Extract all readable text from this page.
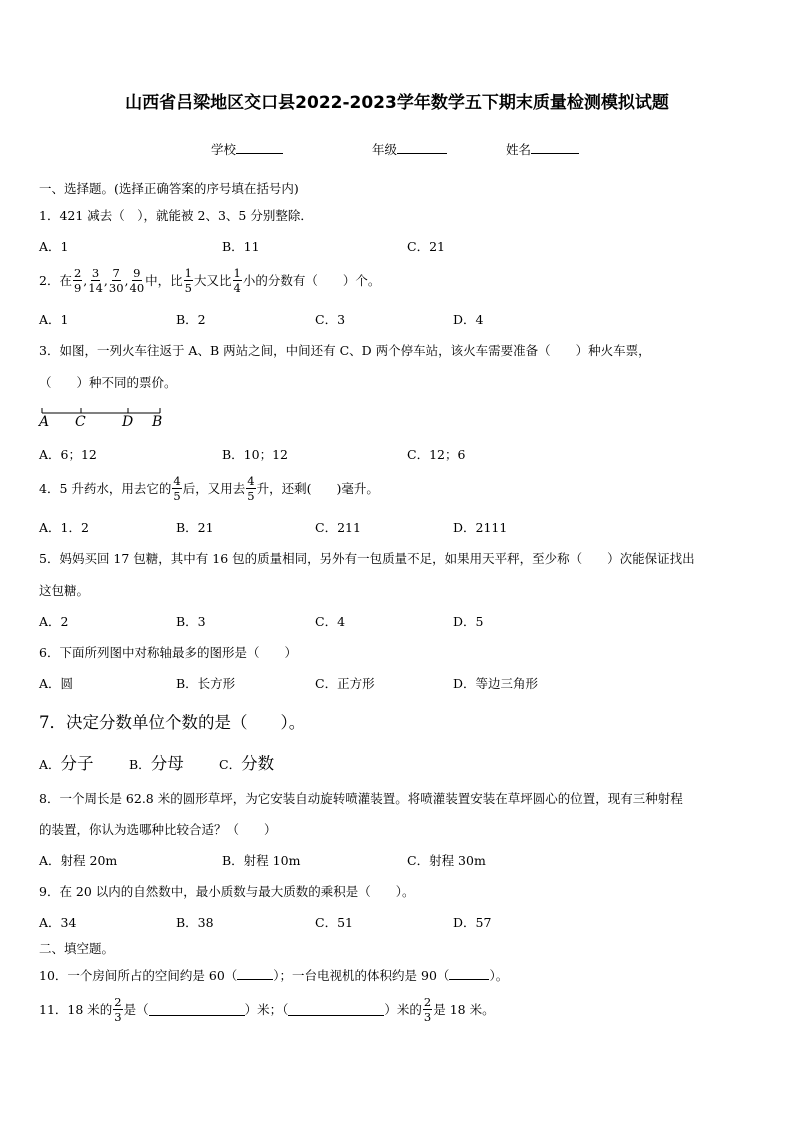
山西省吕梁地区交口县2022-2023学年数学五下期末质量检测模拟试题
学校	年级	姓名
一、选择题。(选择正确答案的序号填在括号内)
1．421 减去（　），就能被 2、3、5 分别整除．
A．1	B．11	C．21
2．在 $\frac{2}{9}$ , $\frac{3}{14}$ , $\frac{7}{30}$ , $\frac{9}{40}$ 中，比 $\frac{1}{5}$ 大又比 $\frac{1}{4}$ 小的分数有（　　）个。
A．1	B．2	C．3	D．4
3．如图，一列火车往返于 A、B 两站之间，中间还有 C、D 两个停车站，该火车需要准备（　　）种火车票，
（　　）种不同的票价。
A C	D B
A．6；12	B．10；12	C．12；6
4．5 升药水，用去它的 $\frac{4}{5}$ 后，又用去 $\frac{4}{5}$ 升，还剩(　　)毫升。
A．1．2	B．21	C．211	D．2111
5．妈妈买回 17 包糖，其中有 16 包的质量相同，另外有一包质量不足，如果用天平秤，至少称（　　）次能保证找出
这包糖。
A．2	B．3	C．4	D．5
6．下面所列图中对称轴最多的图形是（　　）
A．圆	B．长方形	C．正方形	D．等边三角形
7．决定分数单位个数的是（　　）。
A．分子	B．分母	C．分数
8．一个周长是 62.8 米的圆形草坪，为它安装自动旋转喷灌装置。将喷灌装置安装在草坪圆心的位置，现有三种射程
的装置，你认为选哪种比较合适？（　　）
A．射程 20m	B．射程 10m	C．射程 30m
9．在 20 以内的自然数中，最小质数与最大质数的乘积是（　　）。
A．34	B．38	C．51	D．57
二、填空题。
10．一个房间所占的空间约是 60（	）；一台电视机的体积约是 90（	）。
11．18 米的 $\frac{2}{3}$ 是（	）米；（	）米的 $\frac{2}{3}$ 是 18 米。
